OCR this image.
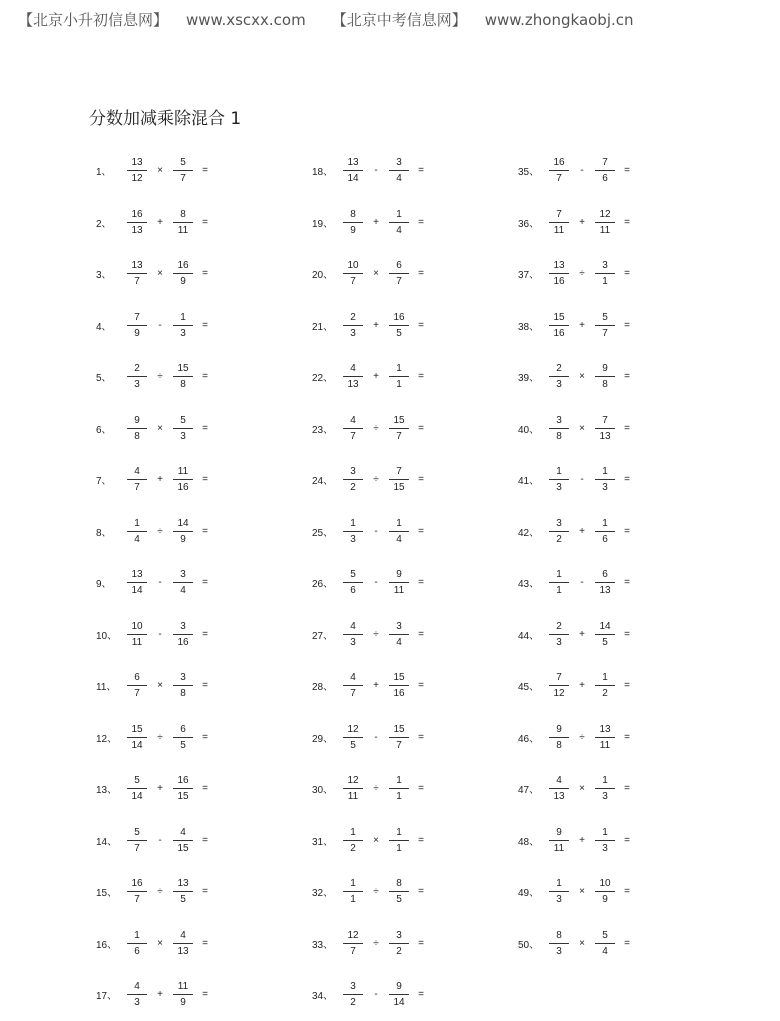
【北京小升初信息网】 www.xscxx.com 【北京中考信息网】 www.zhongkaobj.cn
分数加减乘除混合 1
1、	$\frac{13}{12} \times \frac{5}{7}$ =
2、	$\frac{16}{13} + \frac{8}{11}$ =
3、	$\frac{13}{7} \times \frac{16}{9}$ =
4、	$\frac{7}{9}$	-	$\frac{1}{3}$ =
5、	$\frac{2}{3} \div \frac{15}{8}$ =
6、	$\frac{9}{8} \times \frac{5}{3}$ =
7、	$\frac{4}{7} + \frac{11}{16}$ =
8、	$\frac{1}{4} \div \frac{14}{9}$ =
9、	$\frac{13}{14}$	-	$\frac{3}{4}$ =
10、 $\frac{10}{11}$	-	$\frac{3}{16}$ =
11、 $\frac{6}{7} \times \frac{3}{8}$ =
12、 $\frac{15}{14} \div \frac{6}{5}$ =
13、 $\frac{5}{14} + \frac{16}{15}$ =
14、 $\frac{5}{7}$	-	$\frac{4}{15}$ =
15、 $\frac{16}{7} \div \frac{13}{5}$ =
16、 $\frac{1}{6} \times \frac{4}{13}$ =
17、 $\frac{4}{3} + \frac{11}{9}$ =
18、 $\frac{13}{14}$	-	$\frac{3}{4}$ =
19、 $\frac{8}{9} + \frac{1}{4}$ =
20、 $\frac{10}{7} \times \frac{6}{7}$ =
21、 $\frac{2}{3} + \frac{16}{5}$ =
22、 $\frac{4}{13} + \frac{1}{1}$ =
23、 $\frac{4}{7} \div \frac{15}{7}$ =
24、 $\frac{3}{2} \div \frac{7}{15}$ =
25、 $\frac{1}{3}$	-	$\frac{1}{4}$ =
26、 $\frac{5}{6}$	-	$\frac{9}{11}$ =
27、 $\frac{4}{3} \div \frac{3}{4}$ =
28、 $\frac{4}{7} + \frac{15}{16}$ =
29、 $\frac{12}{5}$	-	$\frac{15}{7}$ =
30、 $\frac{12}{11} \div \frac{1}{1}$ =
31、 $\frac{1}{2} \times \frac{1}{1}$ =
32、 $\frac{1}{1} \div \frac{8}{5}$ =
33、 $\frac{12}{7} \div \frac{3}{2}$ =
34、 $\frac{3}{2}$	-	$\frac{9}{14}$ =
35、 $\frac{16}{7}$	-	$\frac{7}{6}$ =
36、 $\frac{7}{11} + \frac{12}{11}$ =
37、 $\frac{13}{16} \div \frac{3}{1}$ =
38、 $\frac{15}{16} + \frac{5}{7}$ =
39、 $\frac{2}{3} \times \frac{9}{8}$ =
40、 $\frac{3}{8} \times \frac{7}{13}$ =
41、 $\frac{1}{3}$	-	$\frac{1}{3}$ =
42、 $\frac{3}{2} + \frac{1}{6}$ =
43、 $\frac{1}{1}$	-	$\frac{6}{13}$ =
44、 $\frac{2}{3} + \frac{14}{5}$ =
45、 $\frac{7}{12} + \frac{1}{2}$ =
46、 $\frac{9}{8} \div \frac{13}{11}$ =
47、 $\frac{4}{13} \times \frac{1}{3}$ =
48、 $\frac{9}{11} + \frac{1}{3}$ =
49、 $\frac{1}{3} \times \frac{10}{9}$ =
50、 $\frac{8}{3} \times \frac{5}{4}$ =
